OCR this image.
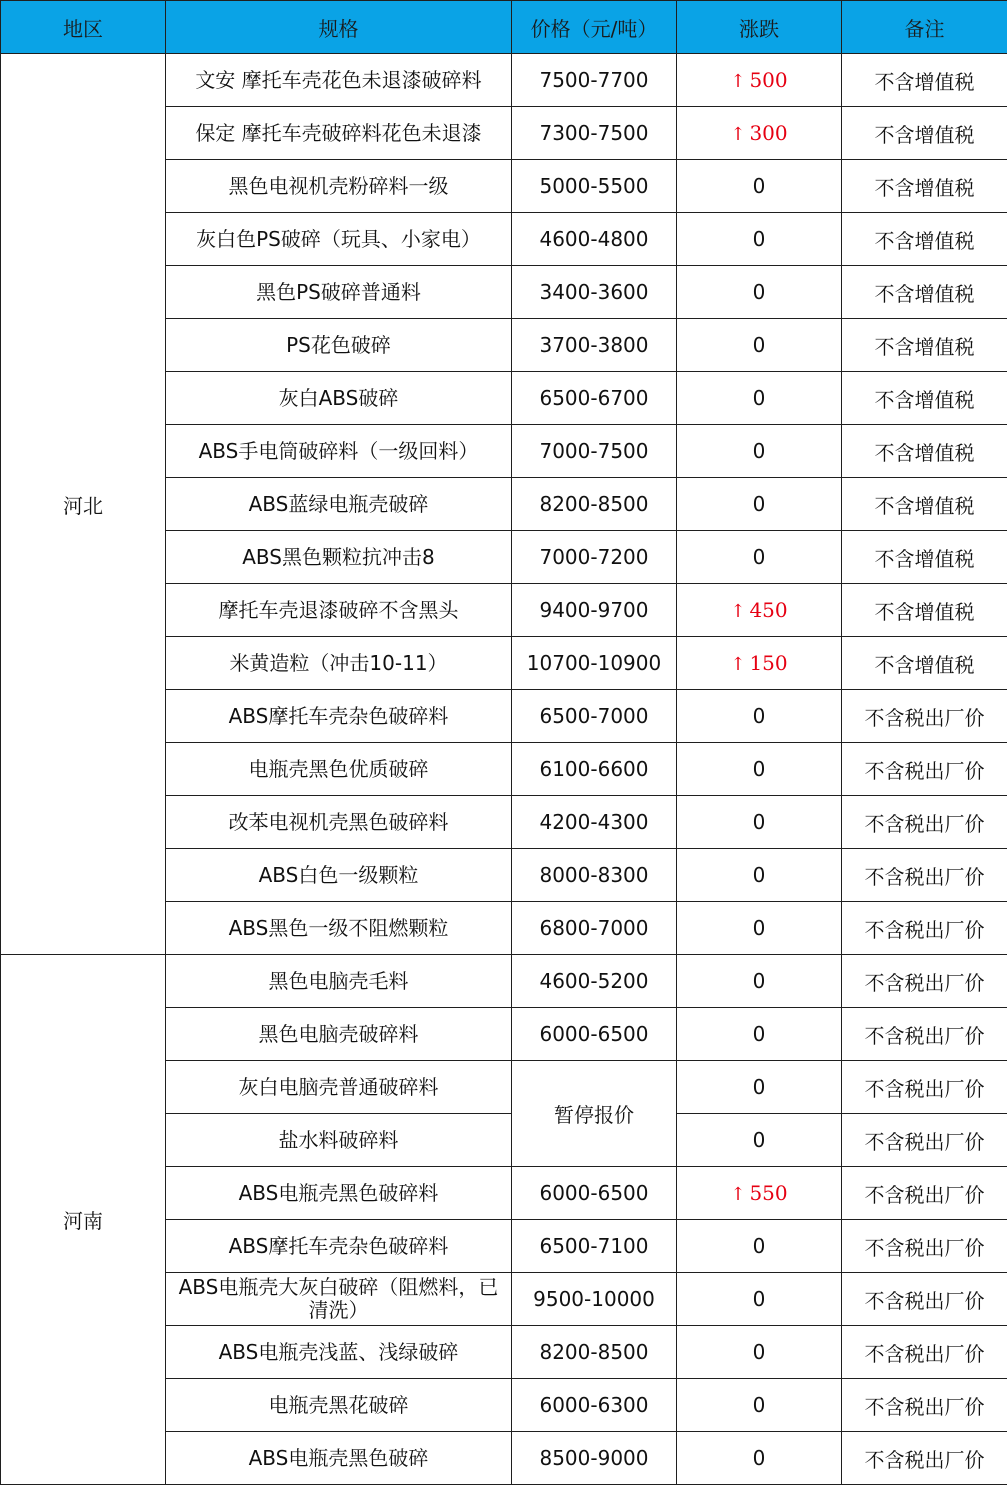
地区	规格	价格（元/吨）	涨跌	备注
河北	文安 摩托车壳花色未退漆破碎料	7500-7700	↑ 500	不含增值税
	保定 摩托车壳破碎料花色未退漆	7300-7500	↑ 300	不含增值税
	黑色电视机壳粉碎料一级	5000-5500	0	不含增值税
	灰白色PS破碎（玩具、小家电）	4600-4800	0	不含增值税
	黑色PS破碎普通料	3400-3600	0	不含增值税
	PS花色破碎	3700-3800	0	不含增值税
	灰白ABS破碎	6500-6700	0	不含增值税
	ABS手电筒破碎料（一级回料）	7000-7500	0	不含增值税
	ABS蓝绿电瓶壳破碎	8200-8500	0	不含增值税
	ABS黑色颗粒抗冲击8	7000-7200	0	不含增值税
	摩托车壳退漆破碎不含黑头	9400-9700	↑ 450	不含增值税
	米黄造粒（冲击10-11）	10700-10900	↑ 150	不含增值税
	ABS摩托车壳杂色破碎料	6500-7000	0	不含税出厂价
	电瓶壳黑色优质破碎	6100-6600	0	不含税出厂价
	改苯电视机壳黑色破碎料	4200-4300	0	不含税出厂价
	ABS白色一级颗粒	8000-8300	0	不含税出厂价
	ABS黑色一级不阻燃颗粒	6800-7000	0	不含税出厂价
河南	黑色电脑壳毛料	4600-5200	0	不含税出厂价
	黑色电脑壳破碎料	6000-6500	0	不含税出厂价
	灰白电脑壳普通破碎料	暂停报价	0	不含税出厂价
	盐水料破碎料		0	不含税出厂价
	ABS电瓶壳黑色破碎料	6000-6500	↑ 550	不含税出厂价
	ABS摩托车壳杂色破碎料	6500-7100	0	不含税出厂价
	ABS电瓶壳大灰白破碎（阻燃料，已清洗）	9500-10000	0	不含税出厂价
	ABS电瓶壳浅蓝、浅绿破碎	8200-8500	0	不含税出厂价
	电瓶壳黑花破碎	6000-6300	0	不含税出厂价
	ABS电瓶壳黑色破碎	8500-9000	0	不含税出厂价
